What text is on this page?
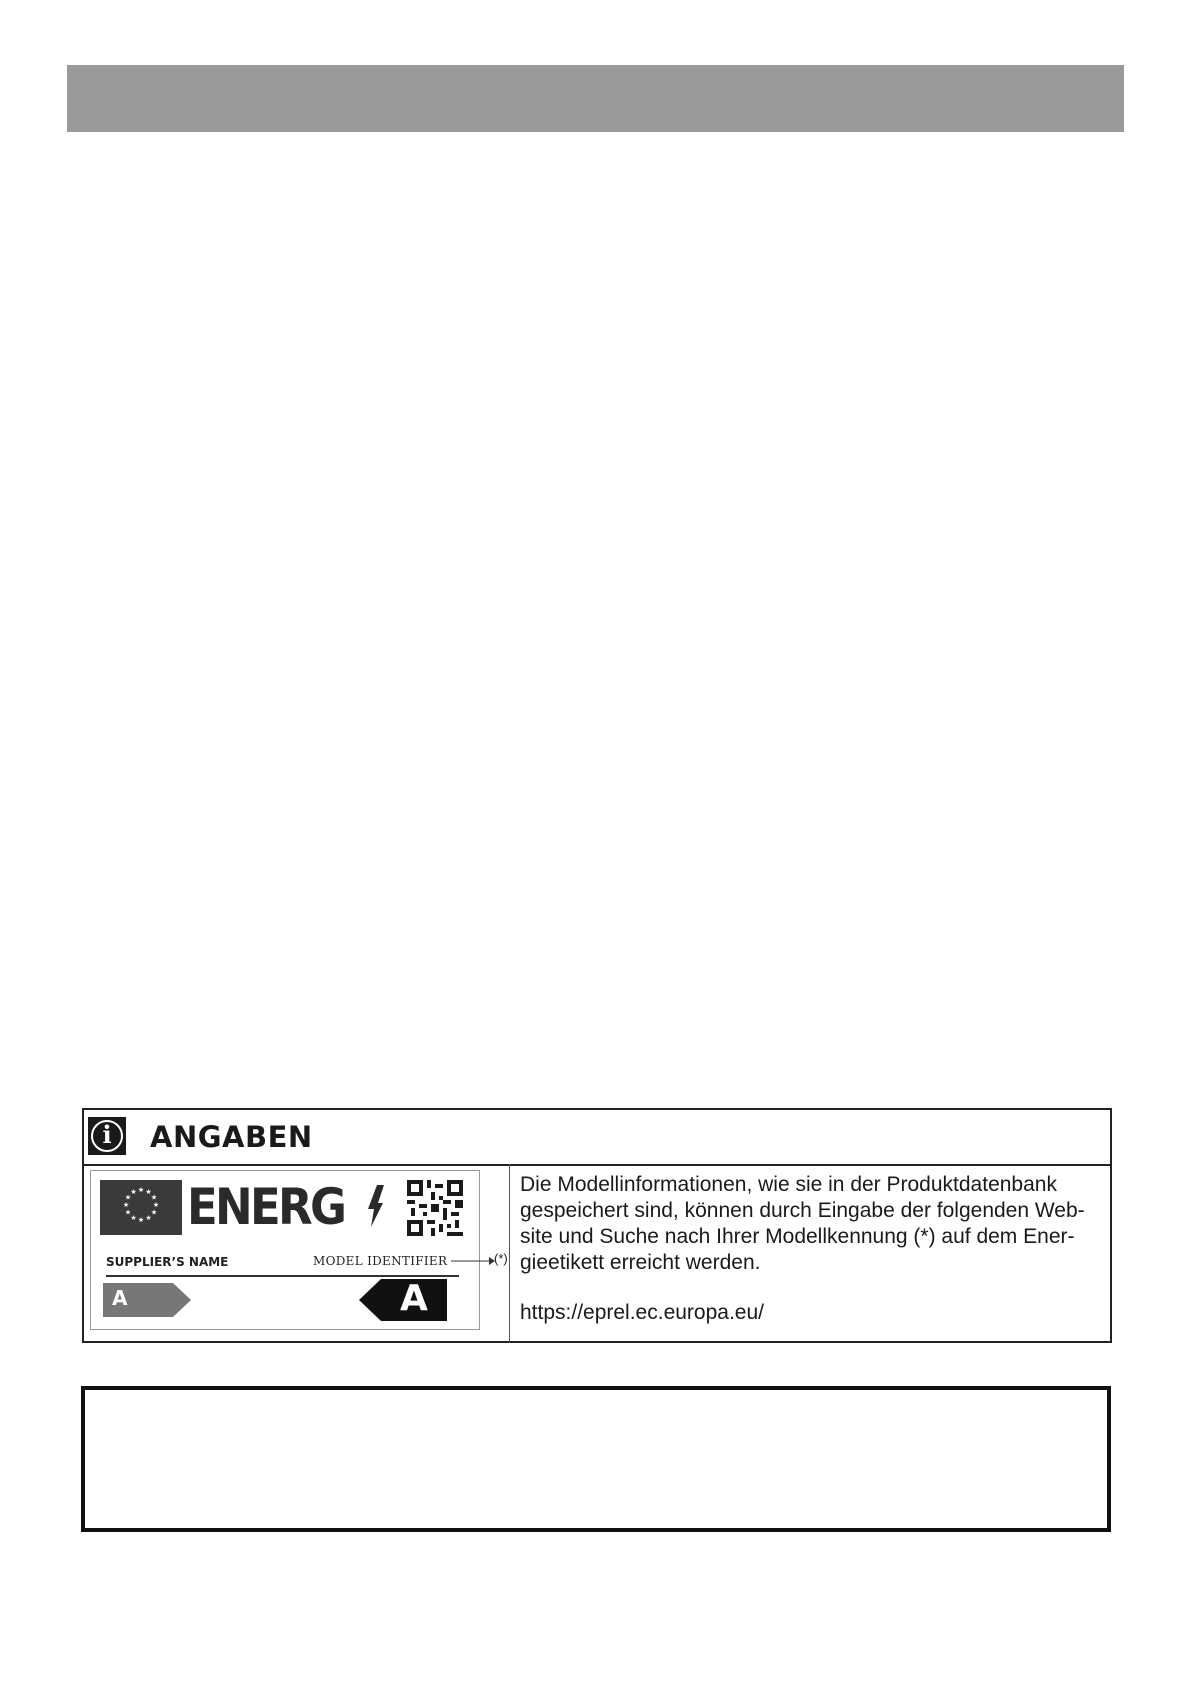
i	ANGABEN
★ ★
★
★
★
★
★
★
★
★
★
★ ENERG
SUPPLIER’S NAME	MODEL IDENTIFIER	(*)
A	A
Die Modellinformationen, wie sie in der Produktdatenbank gespeichert sind, können durch Eingabe der folgenden Web-site und Suche nach Ihrer Modellkennung (*) auf dem Ener-gieetikett erreicht werden.
https://eprel.ec.europa.eu/
